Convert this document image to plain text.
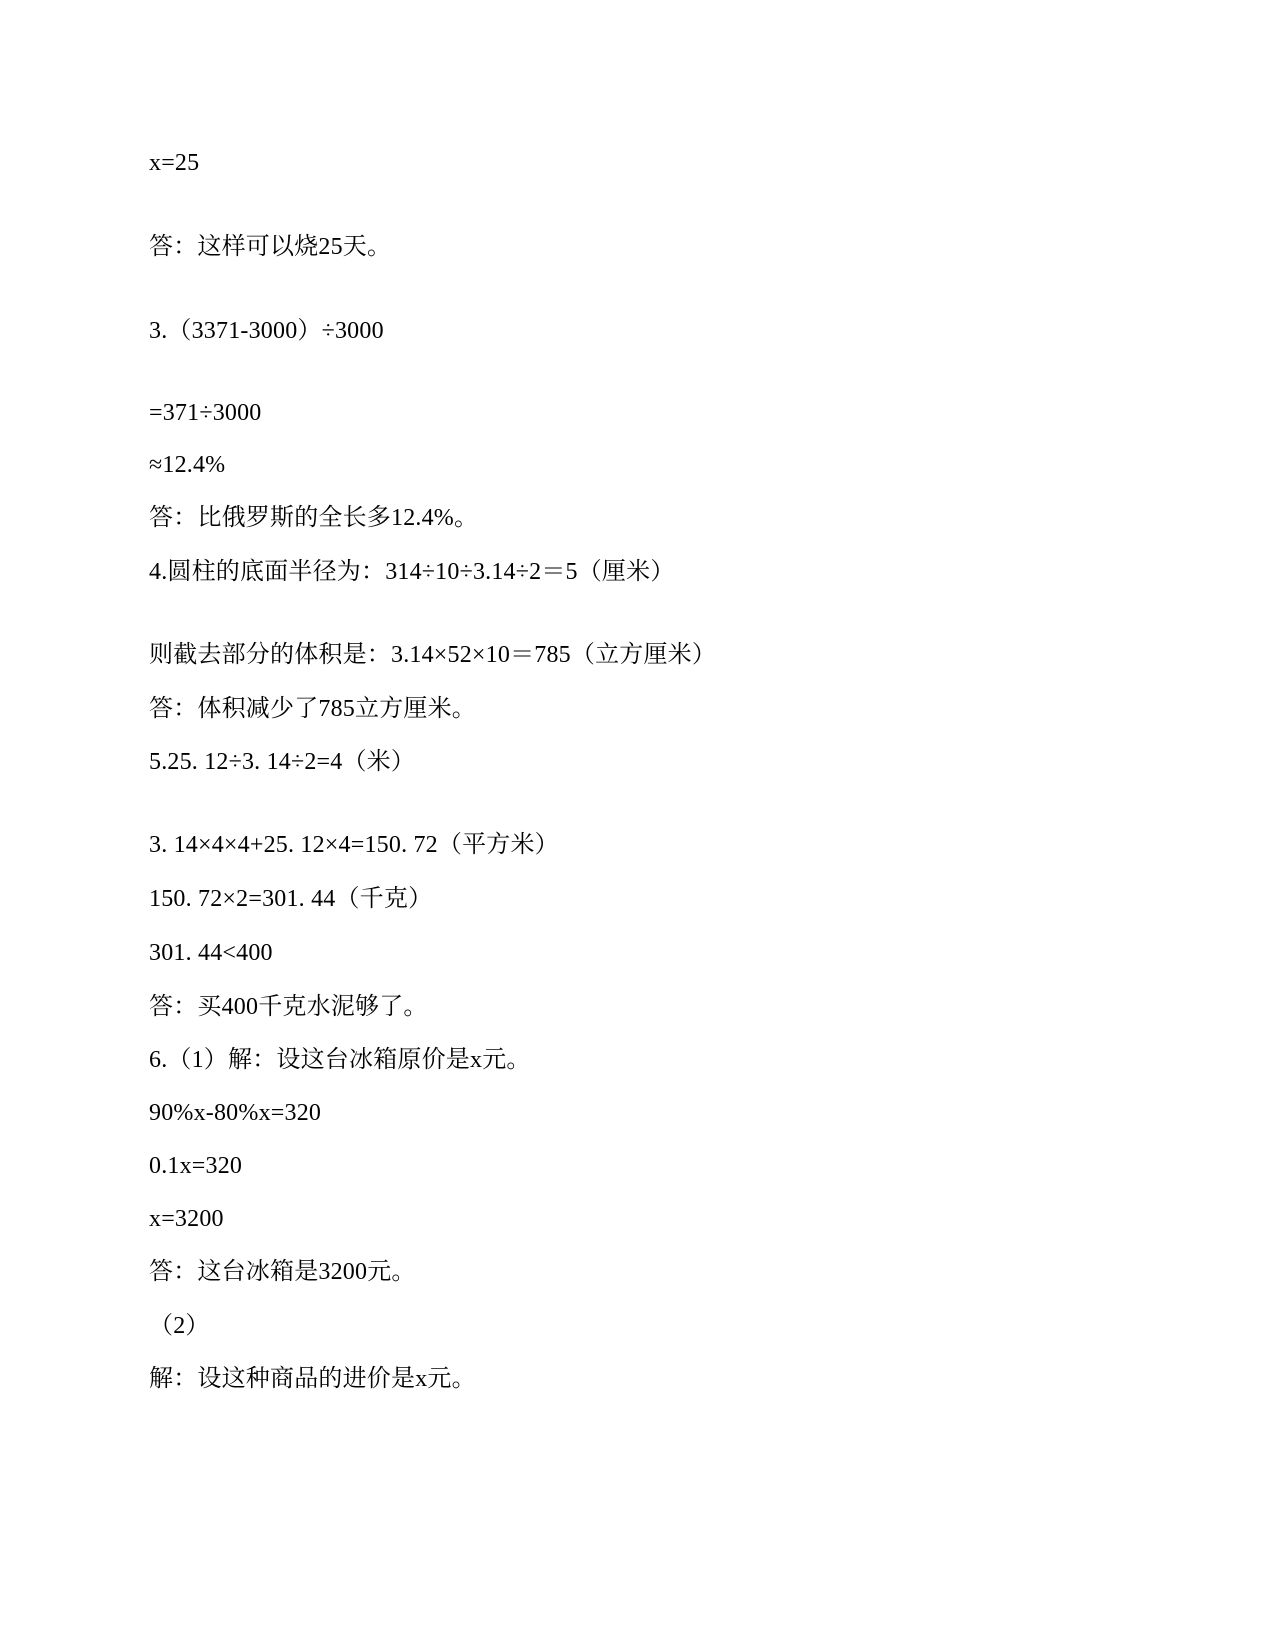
x=25
答：这样可以烧25天。
3.（3371-3000）÷3000
=371÷3000
≈12.4%
答：比俄罗斯的全长多12.4%。
4.圆柱的底面半径为：314÷10÷3.14÷2＝5（厘米）
则截去部分的体积是：3.14×52×10＝785（立方厘米）
答：体积减少了785立方厘米。
5.25. 12÷3. 14÷2=4（米）
3. 14×4×4+25. 12×4=150. 72（平方米）
150. 72×2=301. 44（千克）
301. 44<400
答：买400千克水泥够了。
6.（1）解：设这台冰箱原价是x元。
90%x-80%x=320
0.1x=320
x=3200
答：这台冰箱是3200元。
（2）
解：设这种商品的进价是x元。
